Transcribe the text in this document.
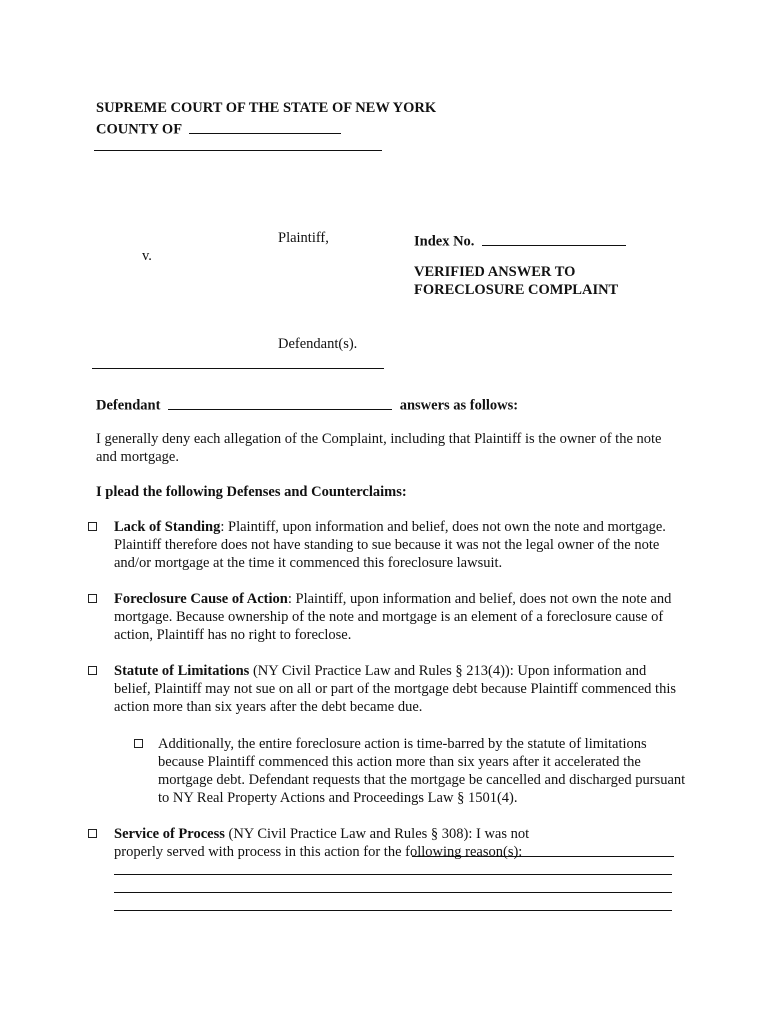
SUPREME COURT OF THE STATE OF NEW YORK
COUNTY OF
Plaintiff,	Index No.
v.
VERIFIED ANSWER TO
FORECLOSURE COMPLAINT
Defendant(s).
Defendant	answers as follows:
I generally deny each allegation of the Complaint, including that Plaintiff is the owner of the note and mortgage.
I plead the following Defenses and Counterclaims:
Lack of Standing: Plaintiff, upon information and belief, does not own the note and mortgage. Plaintiff therefore does not have standing to sue because it was not the legal owner of the note and/or mortgage at the time it commenced this foreclosure lawsuit.
Foreclosure Cause of Action: Plaintiff, upon information and belief, does not own the note and mortgage. Because ownership of the note and mortgage is an element of a foreclosure cause of action, Plaintiff has no right to foreclose.
Statute of Limitations (NY Civil Practice Law and Rules § 213(4)): Upon information and belief, Plaintiff may not sue on all or part of the mortgage debt because Plaintiff commenced this action more than six years after the debt became due.
Additionally, the entire foreclosure action is time-barred by the statute of limitations because Plaintiff commenced this action more than six years after it accelerated the mortgage debt. Defendant requests that the mortgage be cancelled and discharged pursuant to NY Real Property Actions and Proceedings Law § 1501(4).
Service of Process (NY Civil Practice Law and Rules § 308): I was not properly served with process in this action for the following reason(s):
